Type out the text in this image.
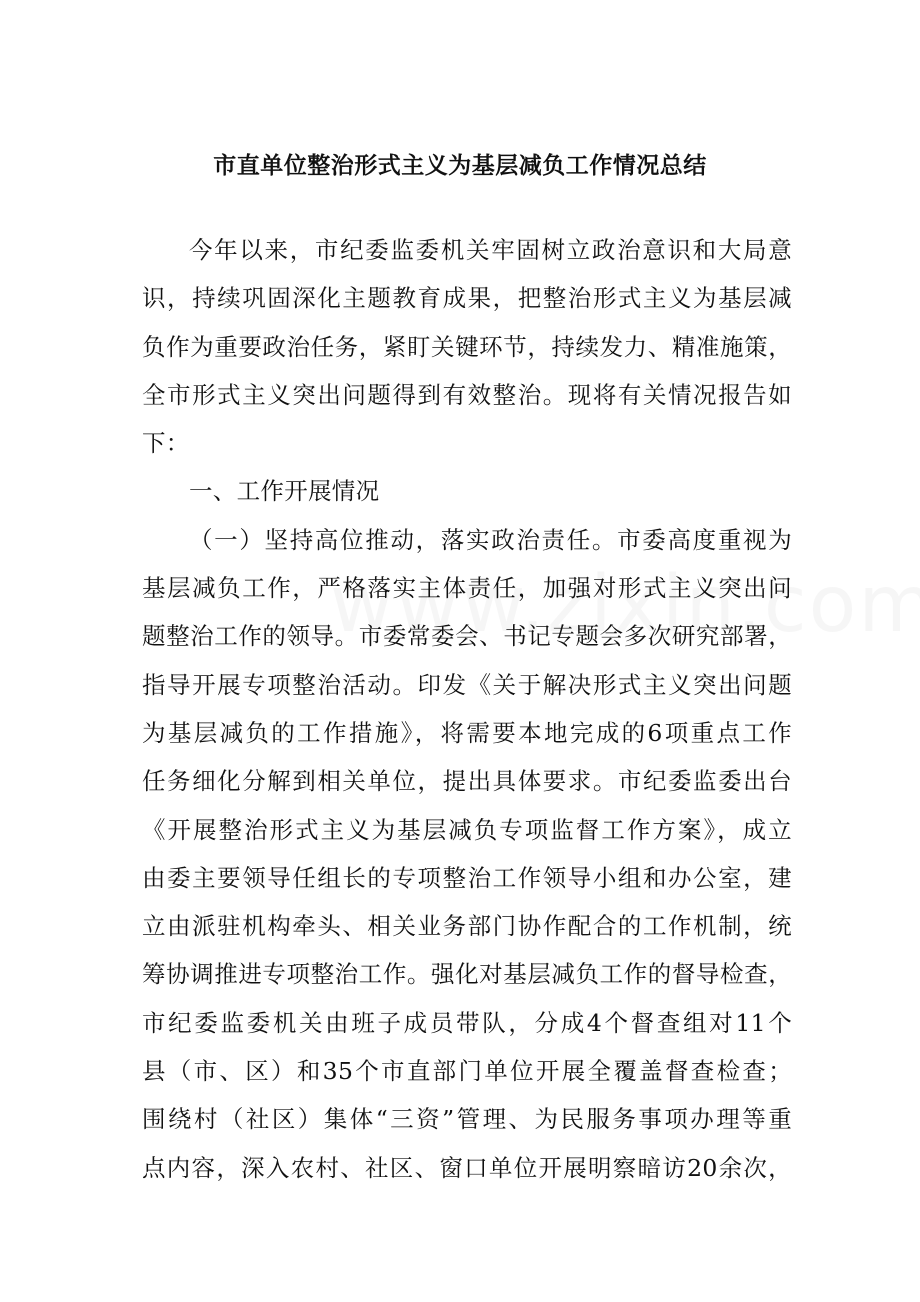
市直单位整治形式主义为基层减负工作情况总结
今年以来，市纪委监委机关牢固树立政治意识和大局意
识，持续巩固深化主题教育成果，把整治形式主义为基层减
负作为重要政治任务，紧盯关键环节，持续发力、精准施策，
全市形式主义突出问题得到有效整治。现将有关情况报告如
下：
一、工作开展情况
（一）坚持高位推动，落实政治责任。市委高度重视为
基层减负工作，严格落实主体责任，加强对形式主义突出问
题整治工作的领导。市委常委会、书记专题会多次研究部署，
指导开展专项整治活动。印发《关于解决形式主义突出问题
为基层减负的工作措施》，将需要本地完成的6项重点工作
任务细化分解到相关单位，提出具体要求。市纪委监委出台
《开展整治形式主义为基层减负专项监督工作方案》，成立
由委主要领导任组长的专项整治工作领导小组和办公室，建
立由派驻机构牵头、相关业务部门协作配合的工作机制，统
筹协调推进专项整治工作。强化对基层减负工作的督导检查，
市纪委监委机关由班子成员带队，分成4个督查组对11个
县（市、区）和35个市直部门单位开展全覆盖督查检查；
围绕村（社区）集体“三资”管理、为民服务事项办理等重
点内容，深入农村、社区、窗口单位开展明察暗访20余次，
